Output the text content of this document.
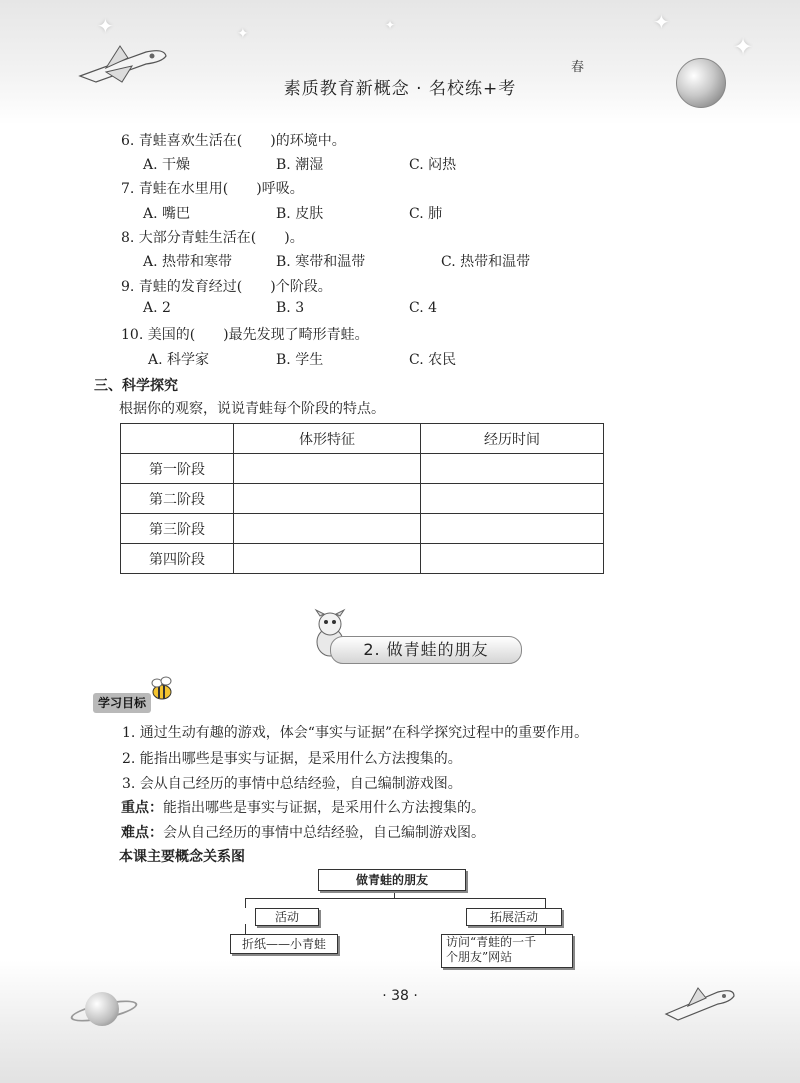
✦	✦
✦	✦
✦
春
素质教育新概念 · 名校练+考
6. 青蛙喜欢生活在(　　)的环境中。
A. 干燥	B. 潮湿	C. 闷热
7. 青蛙在水里用(　　)呼吸。
A. 嘴巴	B. 皮肤	C. 肺
8. 大部分青蛙生活在(　　)。
A. 热带和寒带	B. 寒带和温带	C. 热带和温带
9. 青蛙的发育经过(　　)个阶段。
A. 2	B. 3	C. 4
10. 美国的(　　)最先发现了畸形青蛙。
A. 科学家	B. 学生	C. 农民
三、科学探究
根据你的观察，说说青蛙每个阶段的特点。
	体形特征	经历时间
第一阶段		
第二阶段		
第三阶段		
第四阶段		
2. 做青蛙的朋友
学习目标
1. 通过生动有趣的游戏，体会“事实与证据”在科学探究过程中的重要作用。
2. 能指出哪些是事实与证据，是采用什么方法搜集的。
3. 会从自己经历的事情中总结经验，自己编制游戏图。
重点：能指出哪些是事实与证据，是采用什么方法搜集的。
难点：会从自己经历的事情中总结经验，自己编制游戏图。
本课主要概念关系图
做青蛙的朋友
活动	拓展活动
折纸——小青蛙	访问“青蛙的一千
个朋友”网站
· 38 ·
